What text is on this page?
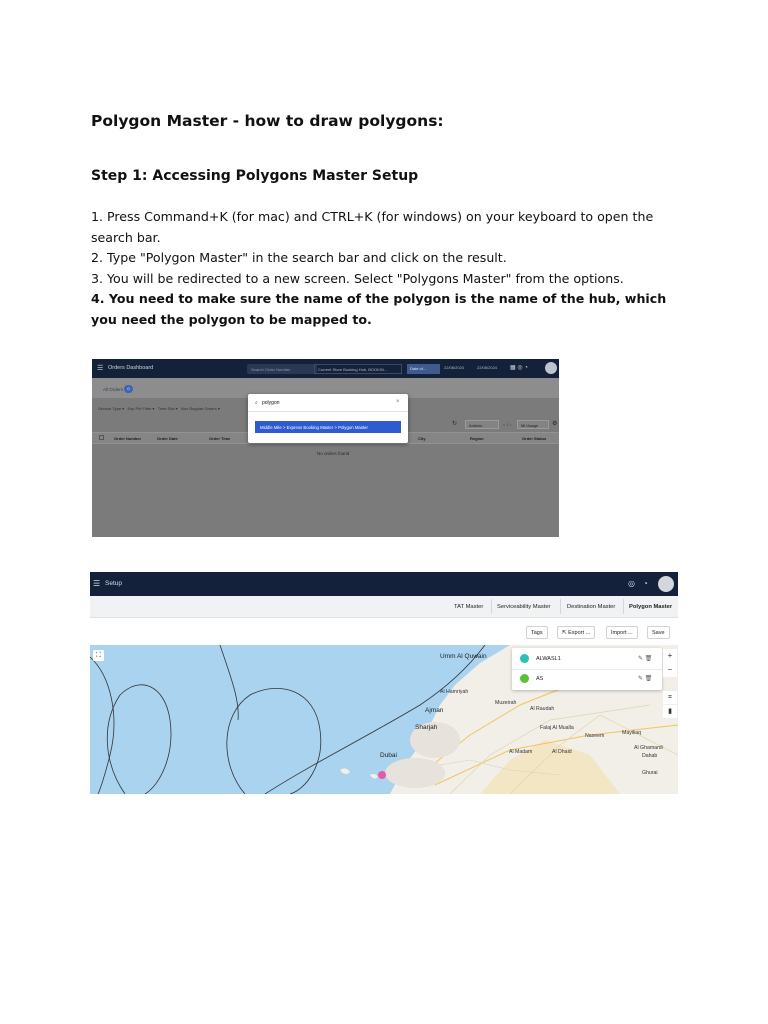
Polygon Master - how to draw polygons:
Step 1: Accessing Polygons Master Setup
1. Press Command+K (for mac) and CTRL+K (for windows) on your keyboard to open the search bar.
2. Type "Polygon Master" in the search bar and click on the result.
3. You will be redirected to a new screen. Select "Polygons Master" from the options.
4. You need to make sure the name of the polygon is the name of the hub, which you need the polygon to be mapped to.
☰ Orders Dashboard	Search Order Number	Current Store Booking Hub, BOOKIN...	Date of...	22/08/2024	22/08/2024 ▦ ◎ ◔
All Orders	0
Service Type ▾   Exp Pkt Filter ▾   Time Slot ▾   Non Regular Orders ▾
↻	Actions	< 1 >	Mi Usage	⚙
Order Number	Order Date	Order Time	City	Region	Order Status
No orders found
⌕ polygon	×
Middle Mile > Express Booking Master > Polygon Master
☰ Setup	◎ ◔
TAT Master Serviceability Master	Destination Master Polygon Master
Tags	⇱ Export ...	Import ...	Save
⛶	Umm Al Quwain
Al Hamriyah
Ajman
Sharjah
Dubai
Muzeirah
Al Raudah
Falaj Al Mualla
Al Madam	Al Dhaid
Naseem	Mayiliaq
Al Ghamardi
Dahab
Ghurai
ALWASL1	✎ 🗑
AS	✎ 🗑
+
−
⌗
▮
